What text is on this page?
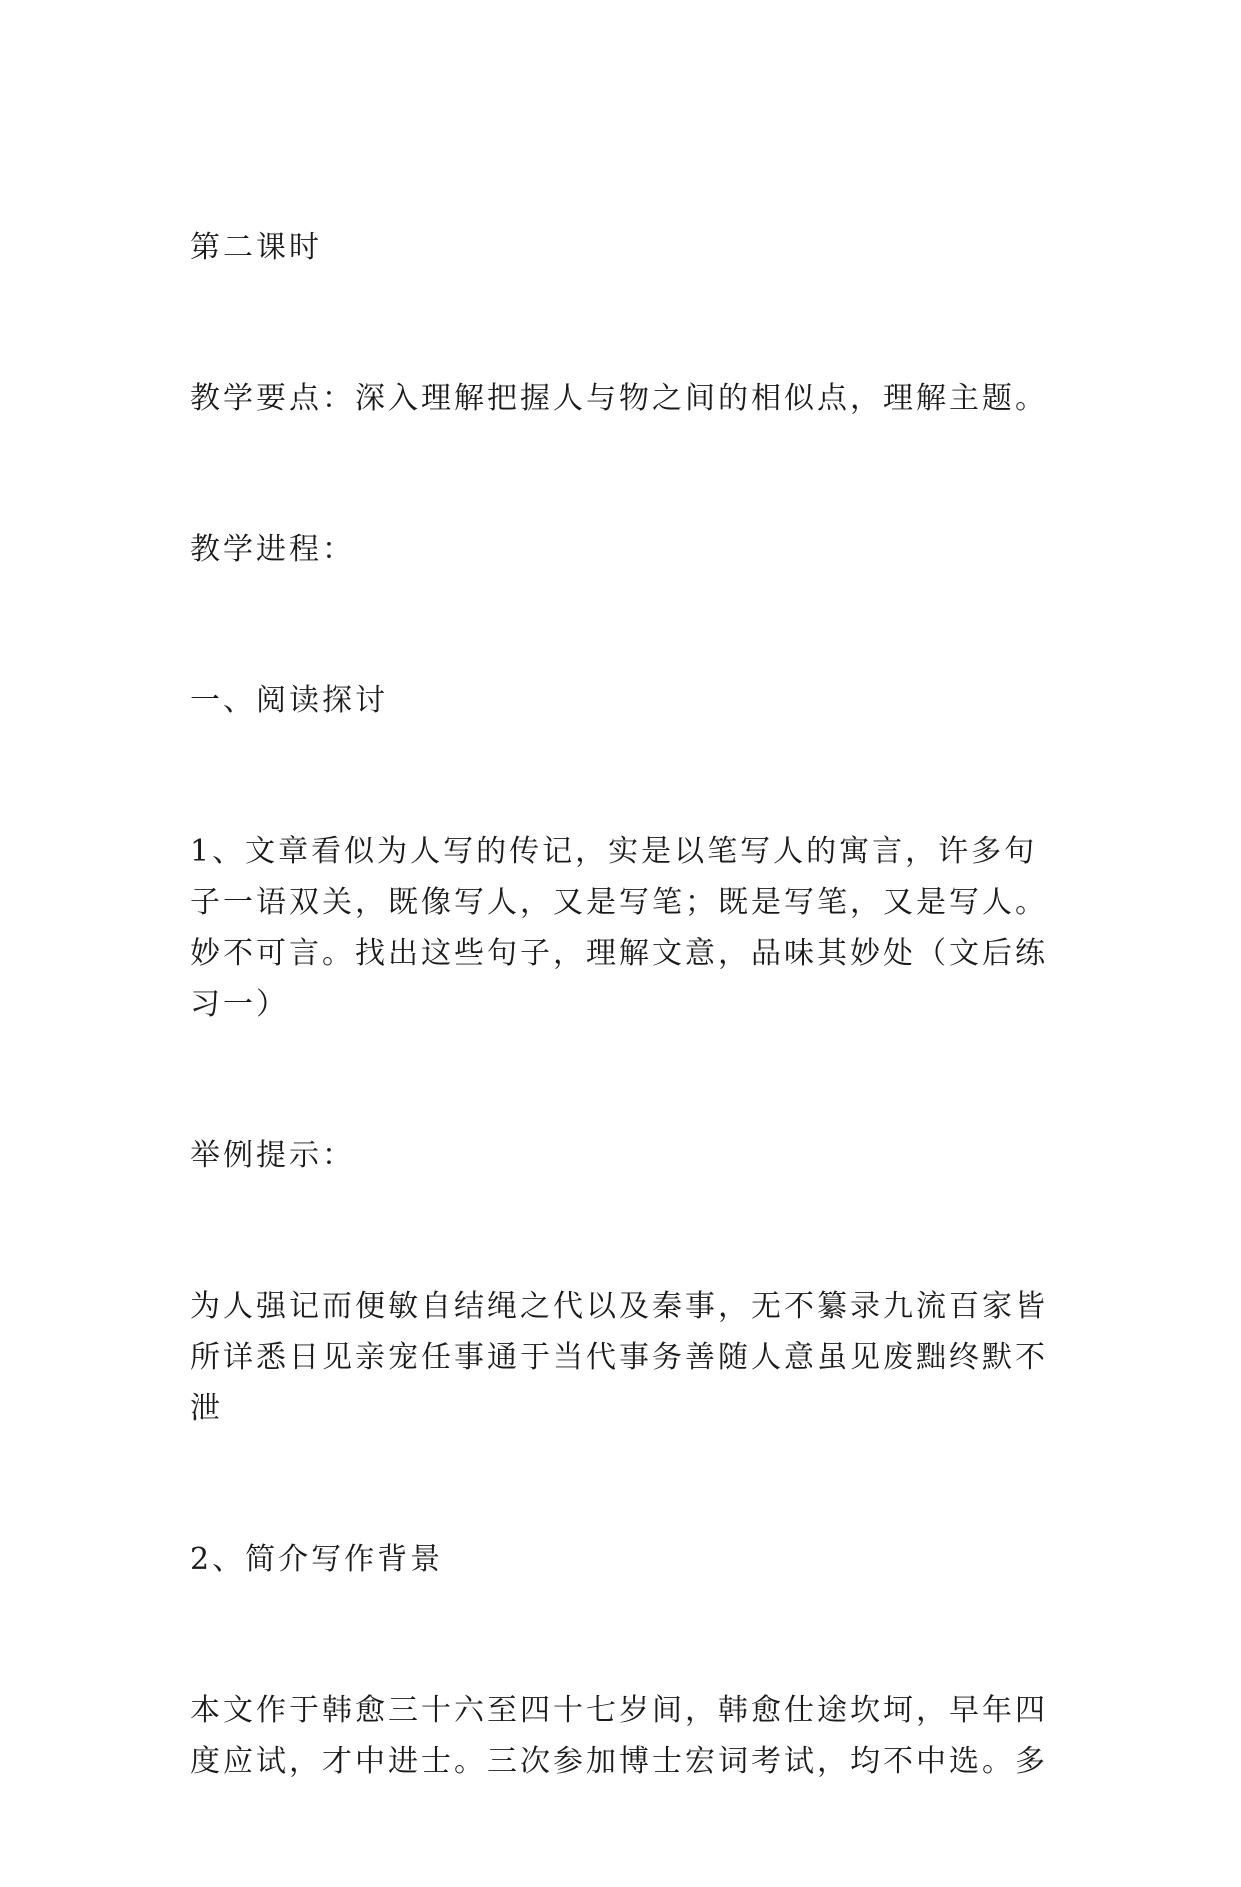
第二课时

教学要点：深入理解把握人与物之间的相似点，理解主题。

教学进程：

一、阅读探讨

1、文章看似为人写的传记，实是以笔写人的寓言，许多句子一语双关，既像写人，又是写笔；既是写笔，又是写人。妙不可言。找出这些句子，理解文意，品味其妙处（文后练习一）

举例提示：

为人强记而便敏自结绳之代以及秦事，无不纂录九流百家皆所详悉日见亲宠任事通于当代事务善随人意虽见废黜终默不泄

2、简介写作背景

本文作于韩愈三十六至四十七岁间，韩愈仕途坎坷，早年四度应试，才中进士。三次参加博士宏词考试，均不中选。多
